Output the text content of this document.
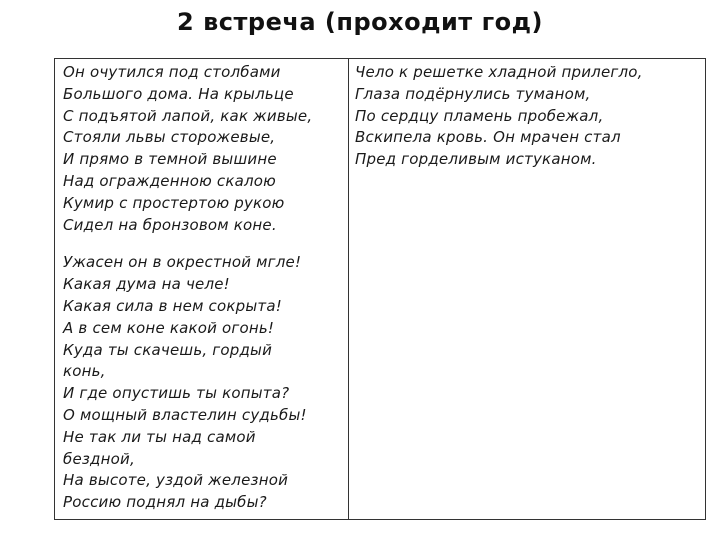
2 встреча (проходит год)
Он очутился под столбами
Большого дома. На крыльце
С подъятой лапой, как живые,
Стояли львы сторожевые,
И прямо в темной вышине
Над огражденною скалою
Кумир с простертою рукою
Сидел на бронзовом коне.
Ужасен он в окрестной мгле!
Какая дума на челе!
Какая сила в нем сокрыта!
А в сем коне какой огонь!
Куда ты скачешь, гордый
конь,
И где опустишь ты копыта?
О мощный властелин судьбы!
Не так ли ты над самой
бездной,
На высоте, уздой железной
Россию поднял на дыбы?
Чело к решетке хладной прилегло,
Глаза подёрнулись туманом,
По сердцу пламень пробежал,
Вскипела кровь. Он мрачен стал
Пред горделивым истуканом.
